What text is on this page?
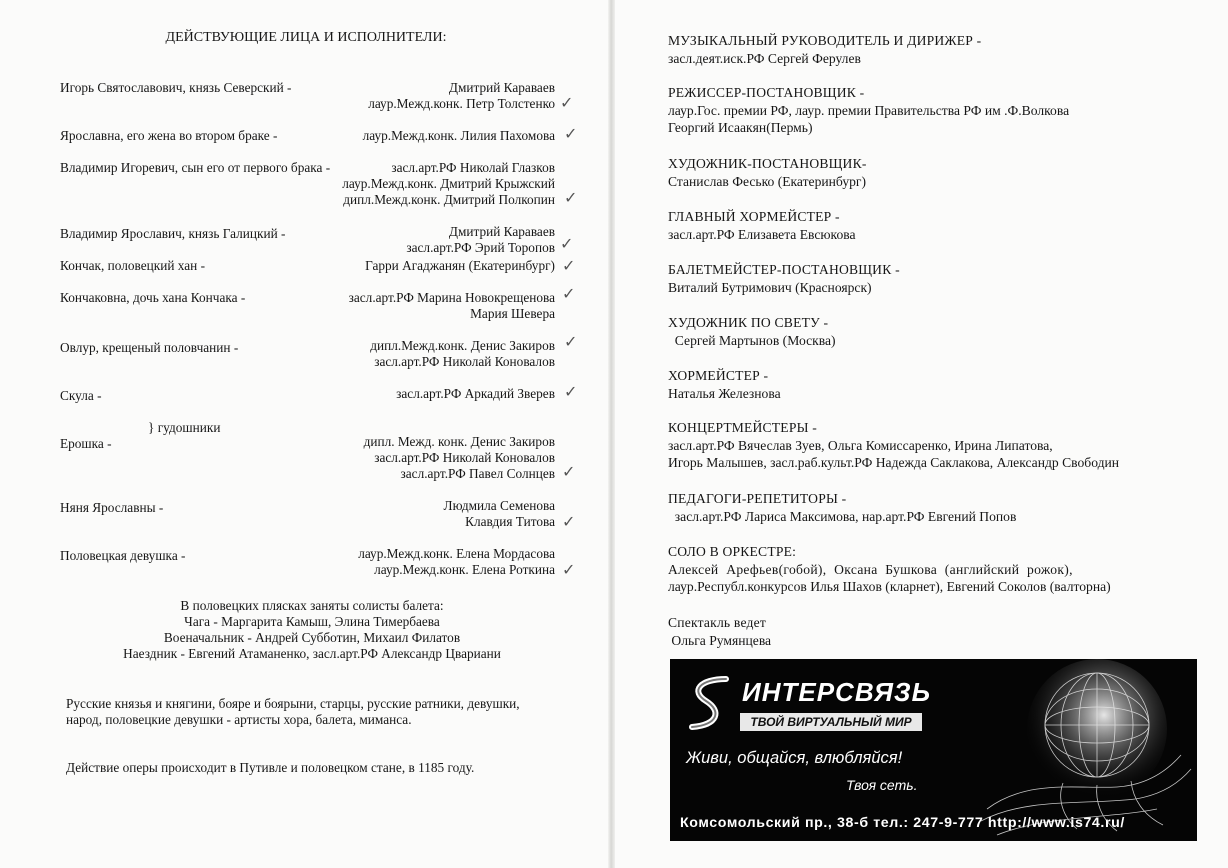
ДЕЙСТВУЮЩИЕ ЛИЦА И ИСПОЛНИТЕЛИ:
Игорь Святославович, князь Северский -	Дмитрий Караваев
лаур.Межд.конк. Петр Толстенко ✓
Ярославна, его жена во втором браке -	лаур.Межд.конк. Лилия Пахомова ✓
Владимир Игоревич, сын его от первого брака -	засл.арт.РФ Николай Глазков
лаур.Межд.конк. Дмитрий Крыжский
дипл.Межд.конк. Дмитрий Полкопин ✓
Владимир Ярославич, князь Галицкий -	Дмитрий Караваев
засл.арт.РФ Эрий Торопов ✓
Кончак, половецкий хан -	Гарри Агаджанян (Екатеринбург) ✓
Кончаковна, дочь хана Кончака -	засл.арт.РФ Марина Новокрещенова
Мария Шевера
✓
Овлур, крещеный половчанин -	дипл.Межд.конк. Денис Закиров
засл.арт.РФ Николай Коновалов
✓
Скула -	засл.арт.РФ Аркадий Зверев ✓
} гудошники
Ерошка -	дипл. Межд. конк. Денис Закиров
засл.арт.РФ Николай Коновалов
засл.арт.РФ Павел Солнцев ✓
Няня Ярославны -	Людмила Семенова
Клавдия Титова ✓
Половецкая девушка -	лаур.Межд.конк. Елена Мордасова
лаур.Межд.конк. Елена Роткина ✓
В половецких плясках заняты солисты балета:
Чага - Маргарита Камыш, Элина Тимербаева
Военачальник - Андрей Субботин, Михаил Филатов
Наездник - Евгений Атаманенко, засл.арт.РФ Александр Цвариани
Русские князья и княгини, бояре и боярыни, старцы, русские ратники, девушки,
народ, половецкие девушки - артисты хора, балета, миманса.
Действие оперы происходит в Путивле и половецком стане, в 1185 году.
МУЗЫКАЛЬНЫЙ РУКОВОДИТЕЛЬ И ДИРИЖЕР -
засл.деят.иск.РФ Сергей Ферулев
РЕЖИССЕР-ПОСТАНОВЩИК -
лаур.Гос. премии РФ, лаур. премии Правительства РФ им .Ф.Волкова
Георгий Исаакян(Пермь)
ХУДОЖНИК-ПОСТАНОВЩИК-
Станислав Фесько (Екатеринбург)
ГЛАВНЫЙ ХОРМЕЙСТЕР -
засл.арт.РФ Елизавета Евсюкова
БАЛЕТМЕЙСТЕР-ПОСТАНОВЩИК -
Виталий Бутримович (Красноярск)
ХУДОЖНИК ПО СВЕТУ -
Сергей Мартынов (Москва)
ХОРМЕЙСТЕР -
Наталья Железнова
КОНЦЕРТМЕЙСТЕРЫ -
засл.арт.РФ Вячеслав Зуев, Ольга Комиссаренко, Ирина Липатова,
Игорь Малышев, засл.раб.культ.РФ Надежда Саклакова, Александр Свободин
ПЕДАГОГИ-РЕПЕТИТОРЫ -
засл.арт.РФ Лариса Максимова, нар.арт.РФ Евгений Попов
СОЛО В ОРКЕСТРЕ:
Алексей Арефьев(гобой), Оксана Бушкова (английский рожок),
лаур.Республ.конкурсов Илья Шахов (кларнет), Евгений Соколов (валторна)
Спектакль ведет
Ольга Румянцева
ИНТЕРСВЯЗЬ
ТВОЙ ВИРТУАЛЬНЫЙ МИР
Живи, общайся, влюбляйся!
Твоя сеть.
Комсомольский пр., 38-б тел.: 247-9-777 http://www.is74.ru/
